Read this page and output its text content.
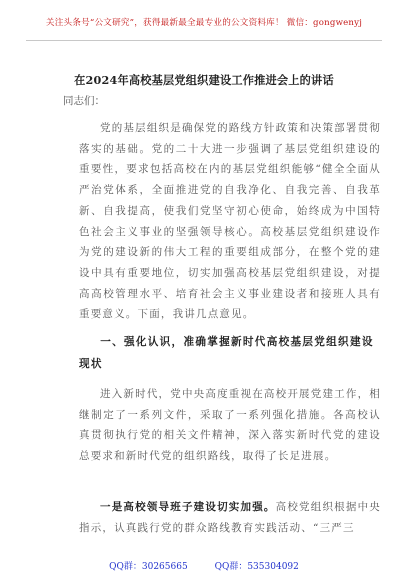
关注头条号“公文研究”，获得最新最全最专业的公文资料库！ 微信：gongwenyj
在2024年高校基层党组织建设工作推进会上的讲话
同志们：
党的基层组织是确保党的路线方针政策和决策部署贯彻落实的基础。党的二十大进一步强调了基层党组织建设的重要性，要求包括高校在内的基层党组织能够“健全全面从严治党体系，全面推进党的自我净化、自我完善、自我革新、自我提高，使我们党坚守初心使命，始终成为中国特色社会主义事业的坚强领导核心。高校基层党组织建设作为党的建设新的伟大工程的重要组成部分，在整个党的建设中具有重要地位，切实加强高校基层党组织建设，对提高高校管理水平、培育社会主义事业建设者和接班人具有重要意义。下面，我讲几点意见。
一、强化认识，准确掌握新时代高校基层党组织建设现状
进入新时代，党中央高度重视在高校开展党建工作，相继制定了一系列文件，采取了一系列强化措施。各高校认真贯彻执行党的相关文件精神，深入落实新时代党的建设总要求和新时代党的组织路线，取得了长足进展。
一是高校领导班子建设切实加强。高校党组织根据中央指示，认真践行党的群众路线教育实践活动、“三严三
QQ群：30265665	QQ群：535304092
